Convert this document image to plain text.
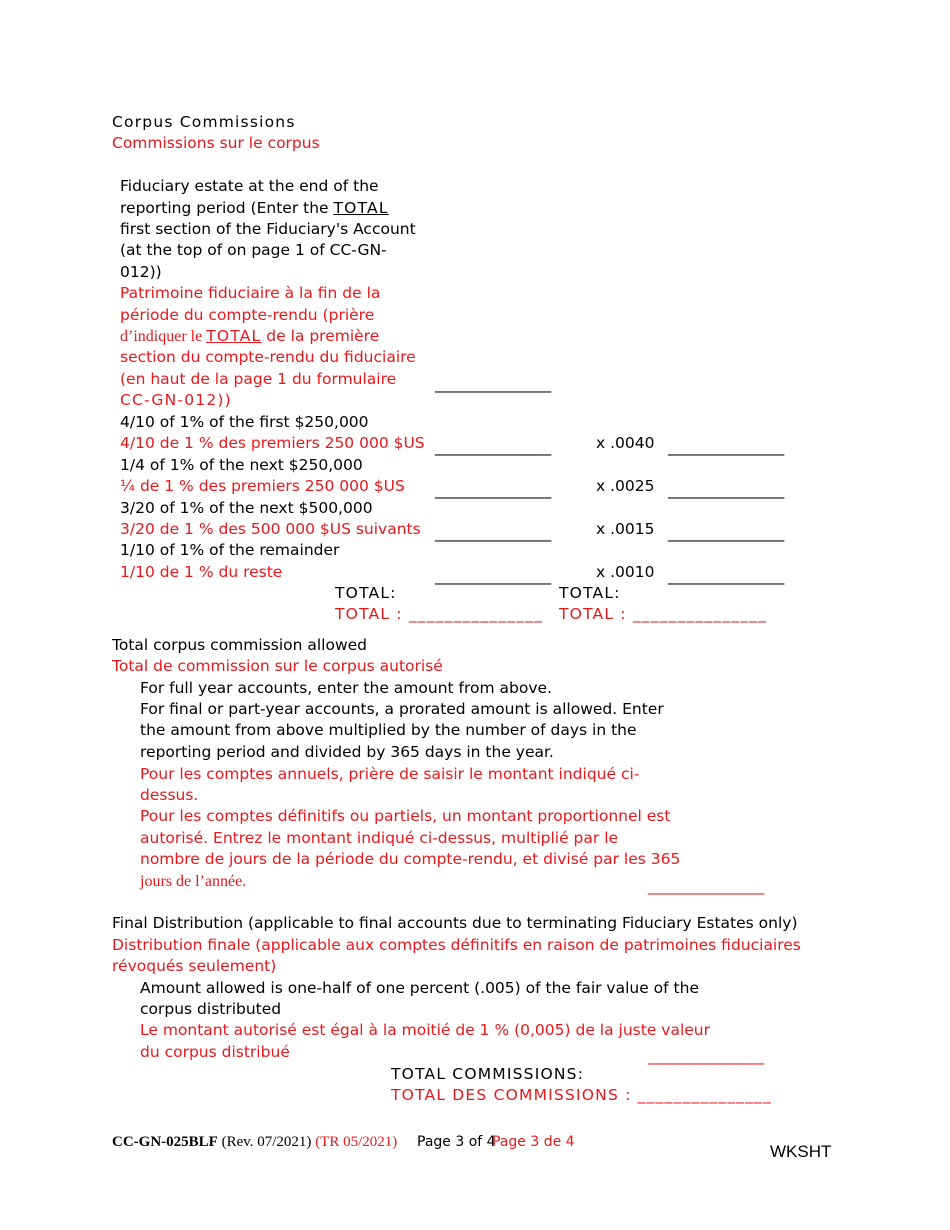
Corpus Commissions
Commissions sur le corpus
Fiduciary estate at the end of the
reporting period (Enter the TOTAL
first section of the Fiduciary's Account
(at the top of on page 1 of CC-GN-
012))
Patrimoine fiduciaire à la fin de la
période du compte-rendu (prière
d’indiquer le TOTAL de la première
section du compte-rendu du fiduciaire
(en haut de la page 1 du formulaire
CC-GN-012))
_______________
4/10 of 1% of the first $250,000
4/10 de 1 % des premiers 250 000 $US _______________	x .0040 _______________
1/4 of 1% of the next $250,000
¼ de 1 % des premiers 250 000 $US _______________	x .0025 _______________
3/20 of 1% of the next $500,000
3/20 de 1 % des 500 000 $US suivants _______________	x .0015 _______________
1/10 of 1% of the remainder
1/10 de 1 % du reste	_______________	x .0010 _______________
TOTAL:	TOTAL:
TOTAL : _______________ TOTAL : _______________
Total corpus commission allowed
Total de commission sur le corpus autorisé
For full year accounts, enter the amount from above.
For final or part-year accounts, a prorated amount is allowed. Enter
the amount from above multiplied by the number of days in the
reporting period and divided by 365 days in the year.
Pour les comptes annuels, prière de saisir le montant indiqué ci-
dessus.
Pour les comptes définitifs ou partiels, un montant proportionnel est
autorisé. Entrez le montant indiqué ci-dessus, multiplié par le
nombre de jours de la période du compte-rendu, et divisé par les 365
jours de l’année.	_______________
Final Distribution (applicable to final accounts due to terminating Fiduciary Estates only)
Distribution finale (applicable aux comptes définitifs en raison de patrimoines fiduciaires
révoqués seulement)
Amount allowed is one-half of one percent (.005) of the fair value of the
corpus distributed
Le montant autorisé est égal à la moitié de 1 % (0,005) de la juste valeur
du corpus distribué	_______________
TOTAL COMMISSIONS:
TOTAL DES COMMISSIONS : _______________
CC-GN-025BLF (Rev. 07/2021) (TR 05/2021) Page 3 of 4
Page 3 de 4	WKSHT
